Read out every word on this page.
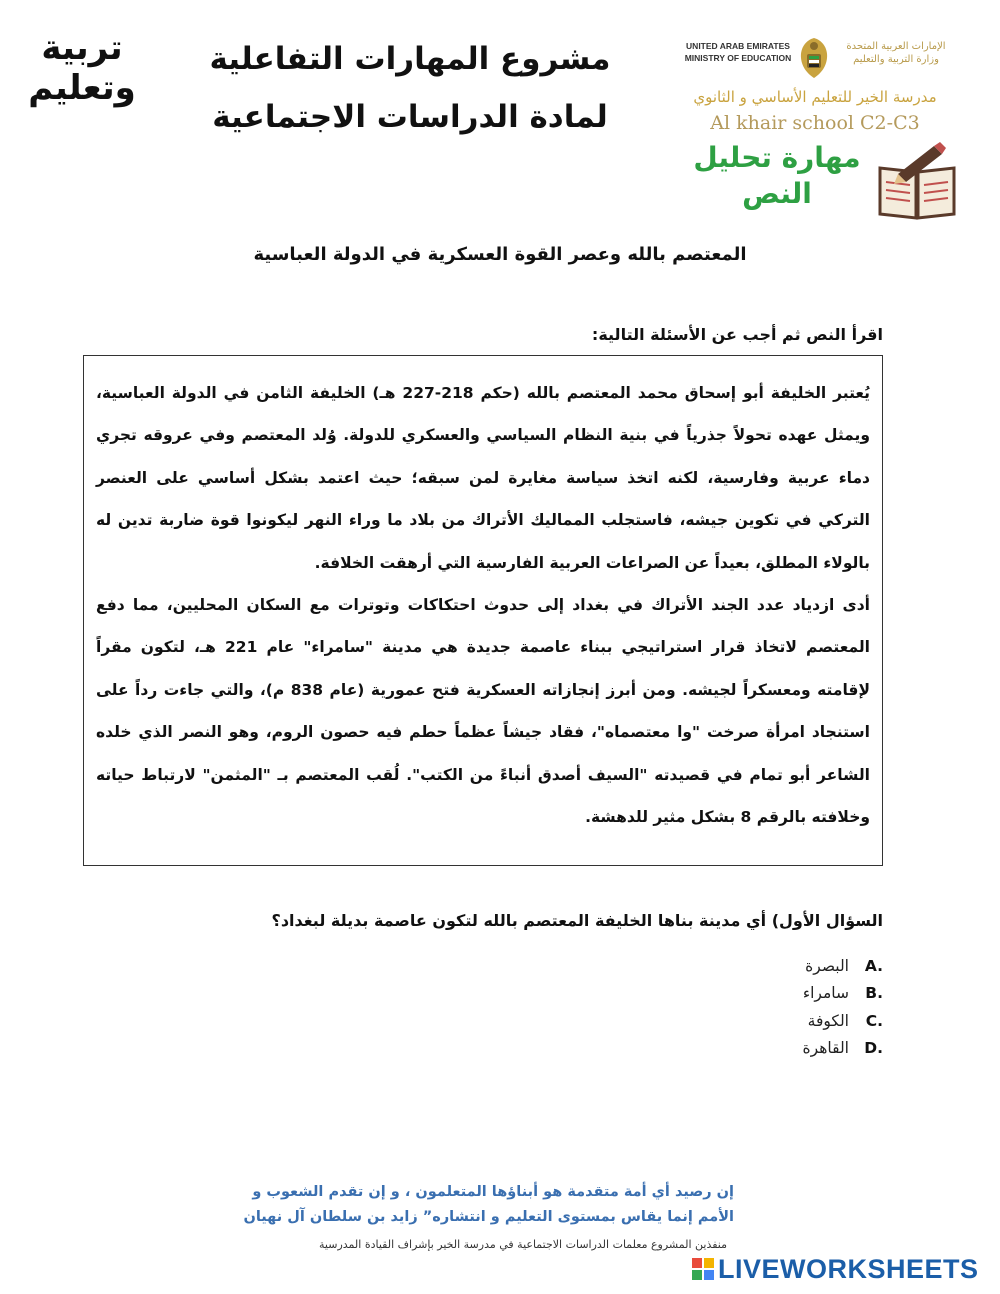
تربية وتعليم
مشروع المهارات التفاعلية
لمادة الدراسات الاجتماعية
UNITED ARAB EMIRATES MINISTRY OF EDUCATION
الإمارات العربية المتحدة وزارة التربية والتعليم
مدرسة الخير للتعليم الأساسي و الثانوي
Al khair school C2-C3
مهارة تحليل
النص
المعتصم بالله وعصر القوة العسكرية في الدولة العباسية
اقرأ النص ثم أجب عن الأسئلة التالية:

يُعتبر الخليفة أبو إسحاق محمد المعتصم بالله (حكم 218-227 هـ) الخليفة الثامن في الدولة العباسية، ويمثل عهده تحولاً جذرياً في بنية النظام السياسي والعسكري للدولة. وُلد المعتصم وفي عروقه تجري دماء عربية وفارسية، لكنه اتخذ سياسة مغايرة لمن سبقه؛ حيث اعتمد بشكل أساسي على العنصر التركي في تكوين جيشه، فاستجلب المماليك الأتراك من بلاد ما وراء النهر ليكونوا قوة ضاربة تدين له بالولاء المطلق، بعيداً عن الصراعات العربية الفارسية التي أرهقت الخلافة.

أدى ازدياد عدد الجند الأتراك في بغداد إلى حدوث احتكاكات وتوترات مع السكان المحليين، مما دفع المعتصم لاتخاذ قرار استراتيجي ببناء عاصمة جديدة هي مدينة "سامراء" عام 221 هـ، لتكون مقراً لإقامته ومعسكراً لجيشه. ومن أبرز إنجازاته العسكرية فتح عمورية (عام 838 م)، والتي جاءت رداً على استنجاد امرأة صرخت "وا معتصماه"، فقاد جيشاً عظماً حطم فيه حصون الروم، وهو النصر الذي خلده الشاعر أبو تمام في قصيدته "السيف أصدق أنباءً من الكتب". لُقب المعتصم بـ "المثمن" لارتباط حياته وخلافته بالرقم 8 بشكل مثير للدهشة.

السؤال الأول) أي مدينة بناها الخليفة المعتصم بالله لتكون عاصمة بديلة لبغداد؟
A.
البصرة
B.
سامراء
C.
الكوفة
D.
القاهرة
إن رصيد أي أمة متقدمة هو أبناؤها المتعلمون ، و إن تقدم الشعوب و
الأمم إنما يقاس بمستوى التعليم و انتشاره” زايد بن سلطان آل نهيان
منفذين المشروع معلمات الدراسات الاجتماعية في مدرسة الخير بإشراف القيادة المدرسية
LIVEWORKSHEETS
